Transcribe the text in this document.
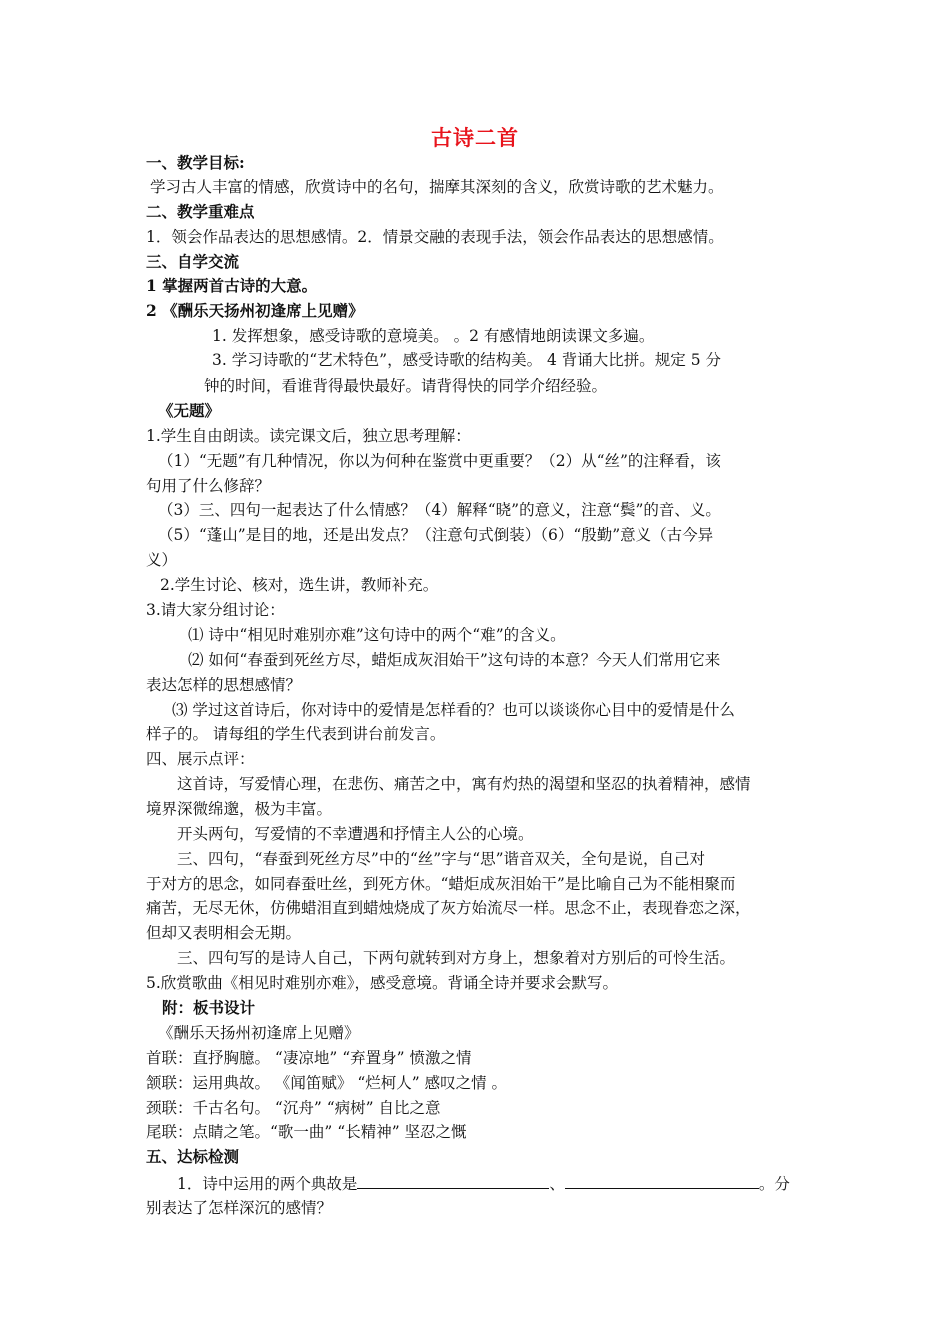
古诗二首
一、教学目标:
学习古人丰富的情感，欣赏诗中的名句，揣摩其深刻的含义，欣赏诗歌的艺术魅力。
二、教学重难点
1．领会作品表达的思想感情。2．情景交融的表现手法，领会作品表达的思想感情。
三、自学交流
1 掌握两首古诗的大意。
2 《酬乐天扬州初逢席上见赠》
1. 发挥想象，感受诗歌的意境美。 。2 有感情地朗读课文多遍。
3. 学习诗歌的“艺术特色”，感受诗歌的结构美。 4 背诵大比拼。规定 5 分
钟的时间，看谁背得最快最好。请背得快的同学介绍经验。
《无题》
1.学生自由朗读。读完课文后，独立思考理解：
（1）“无题”有几种情况，你以为何种在鉴赏中更重要？（2）从“丝”的注释看，该
句用了什么修辞？
（3）三、四句一起表达了什么情感？（4）解释“晓”的意义，注意“鬓”的音、义。
（5）“蓬山”是目的地，还是出发点？（注意句式倒装）（6）“殷勤”意义（古今异
义）
2.学生讨论、核对，选生讲，教师补充。
3.请大家分组讨论：
⑴ 诗中“相见时难别亦难”这句诗中的两个“难”的含义。
⑵ 如何“春蚕到死丝方尽，蜡炬成灰泪始干”这句诗的本意？今天人们常用它来
表达怎样的思想感情？
⑶ 学过这首诗后，你对诗中的爱情是怎样看的？也可以谈谈你心目中的爱情是什么
样子的。 请每组的学生代表到讲台前发言。
四、展示点评：
这首诗，写爱情心理，在悲伤、痛苦之中，寓有灼热的渴望和坚忍的执着精神，感情
境界深微绵邈，极为丰富。
开头两句，写爱情的不幸遭遇和抒情主人公的心境。
三、四句，“春蚕到死丝方尽”中的“丝”字与“思”谐音双关，全句是说，自己对
于对方的思念，如同春蚕吐丝，到死方休。“蜡炬成灰泪始干”是比喻自己为不能相聚而
痛苦，无尽无休，仿佛蜡泪直到蜡烛烧成了灰方始流尽一样。思念不止，表现眷恋之深，
但却又表明相会无期。
三、四句写的是诗人自己，下两句就转到对方身上，想象着对方别后的可怜生活。
5.欣赏歌曲《相见时难别亦难》，感受意境。背诵全诗并要求会默写。
附：板书设计
《酬乐天扬州初逢席上见赠》
首联：直抒胸臆。 “凄凉地” “弃置身” 愤激之情
颔联：运用典故。 《闻笛赋》 “烂柯人” 感叹之情 。
颈联：千古名句。 “沉舟” “病树” 自比之意
尾联：点睛之笔。“歌一曲” “长精神” 坚忍之慨
五、达标检测
1．诗中运用的两个典故是	、	。分
别表达了怎样深沉的感情？
